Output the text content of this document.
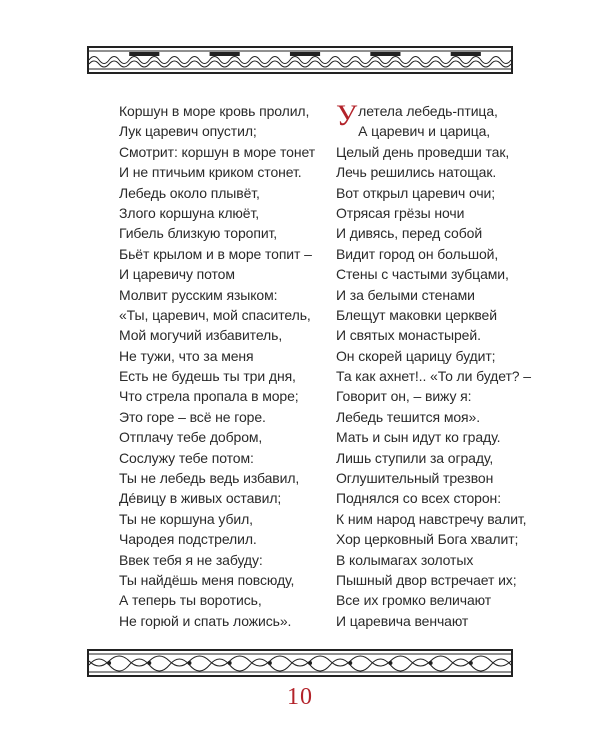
Коршун в море кровь пролил,
Лук царевич опустил;
Смотрит: коршун в море тонет
И не птичьим криком стонет.
Лебедь около плывёт,
Злого коршуна клюёт,
Гибель близкую торопит,
Бьёт крылом и в море топит –
И царевичу потом
Молвит русским языком:
«Ты, царевич, мой спаситель,
Мой могучий избавитель,
Не тужи, что за меня
Есть не будешь ты три дня,
Что стрела пропала в море;
Это горе – всё не горе.
Отплачу тебе добром,
Сослужу тебе потом:
Ты не лебедь ведь избавил,
Дéвицу в живых оставил;
Ты не коршуна убил,
Чародея подстрелил.
Ввек тебя я не забуду:
Ты найдёшь меня повсюду,
А теперь ты воротись,
Не горюй и спать ложись».
У летела лебедь-птица,
А царевич и царица,
Целый день проведши так,
Лечь решились натощак.
Вот открыл царевич очи;
Отрясая грёзы ночи
И дивясь, перед собой
Видит город он большой,
Стены с частыми зубцами,
И за белыми стенами
Блещут маковки церквей
И святых монастырей.
Он скорей царицу будит;
Та как ахнет!.. «То ли будет? –
Говорит он, – вижу я:
Лебедь тешится моя».
Мать и сын идут ко граду.
Лишь ступили за ограду,
Оглушительный трезвон
Поднялся со всех сторон:
К ним народ навстречу валит,
Хор церковный Бога хвалит;
В колымагах золотых
Пышный двор встречает их;
Все их громко величают
И царевича венчают
10
